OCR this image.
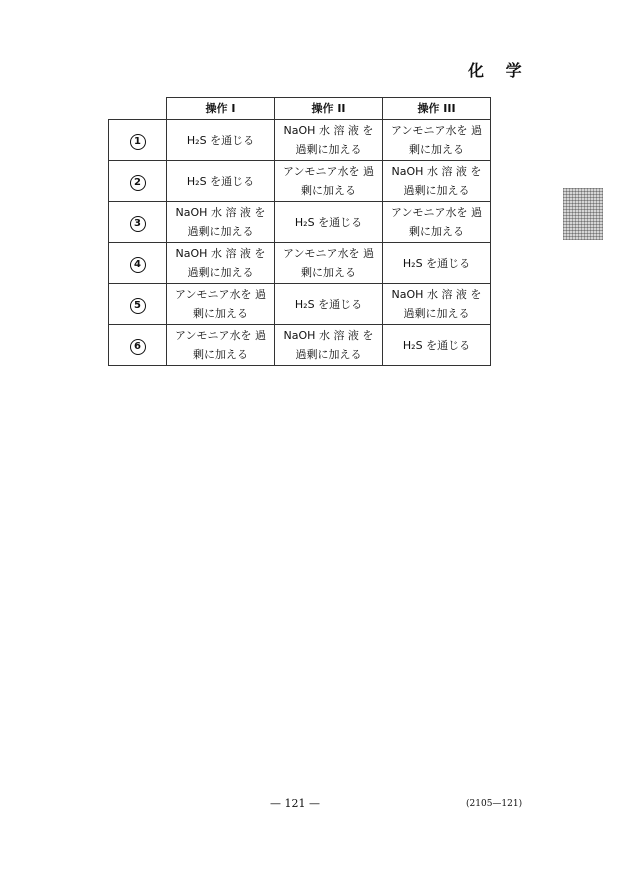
化 学
	操作 I	操作 II	操作 III
1	H₂S を通じる	NaOH 水 溶 液 を過剰に加える	アンモニア水を 過剰に加える
2	H₂S を通じる	アンモニア水を 過剰に加える	NaOH 水 溶 液 を過剰に加える
3	NaOH 水 溶 液 を過剰に加える	H₂S を通じる	アンモニア水を 過剰に加える
4	NaOH 水 溶 液 を過剰に加える	アンモニア水を 過剰に加える	H₂S を通じる
5	アンモニア水を 過剰に加える	H₂S を通じる	NaOH 水 溶 液 を過剰に加える
6	アンモニア水を 過剰に加える	NaOH 水 溶 液 を過剰に加える	H₂S を通じる
— 121 —	(2105—121)
